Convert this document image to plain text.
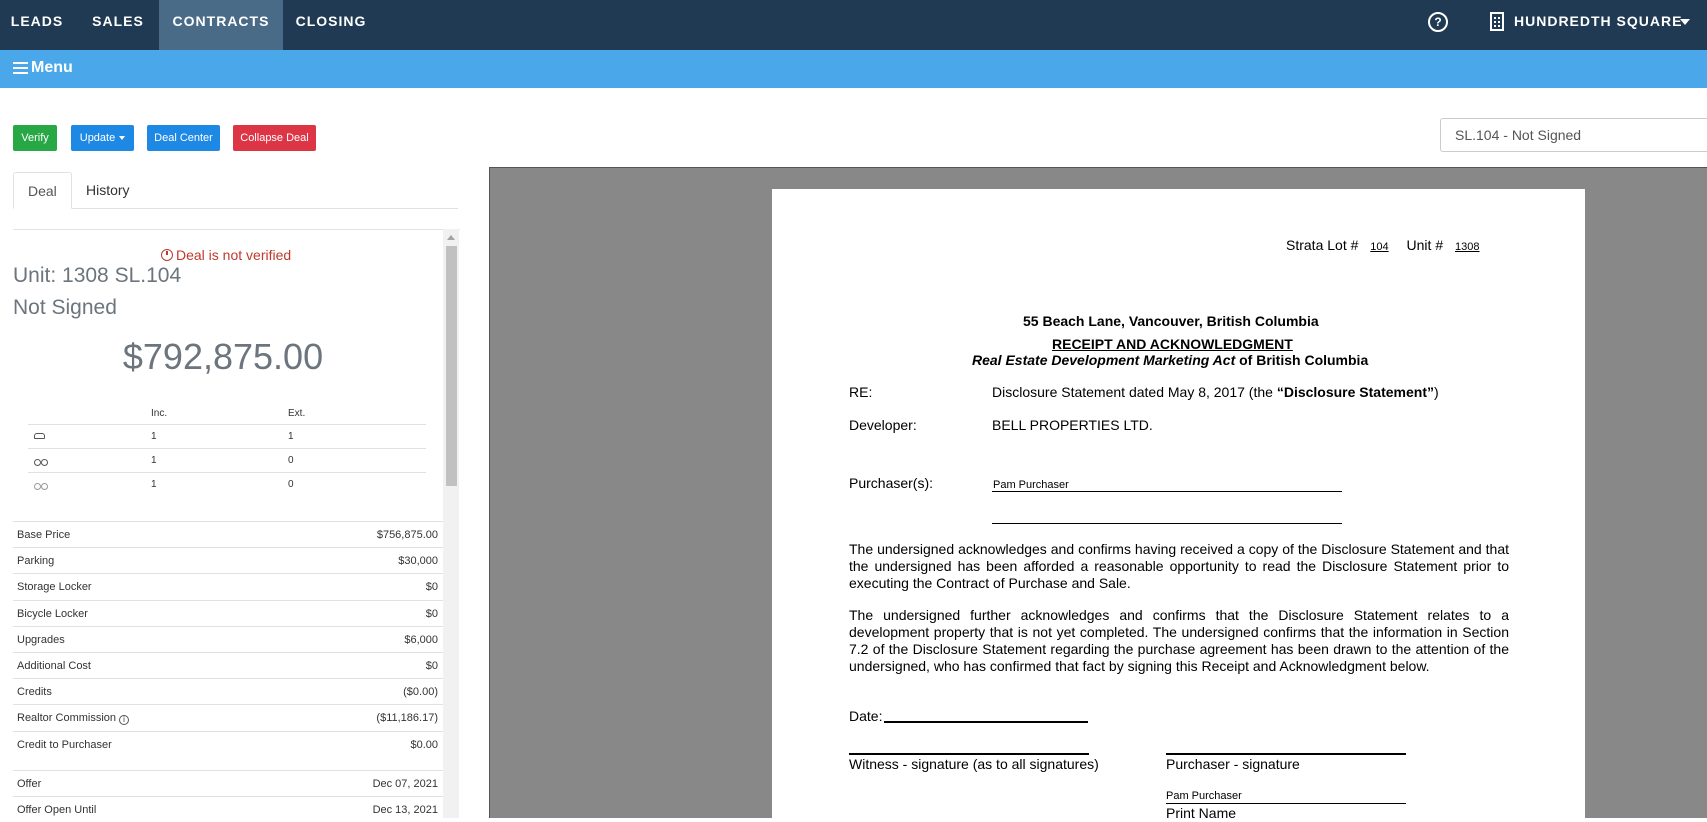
LEADS	SALES	CONTRACTS	CLOSING	?	HUNDREDTH SQUARE
Menu
Verify	Update	Deal Center	Collapse Deal	SL.104 - Not Signed
Deal	History
Deal is not verified
Unit: 1308 SL.104
Not Signed
$792,875.00
Inc.	Ext.
1	1
1	0
1	0
Base Price	$756,875.00
Parking	$30,000
Storage Locker	$0
Bicycle Locker	$0
Upgrades	$6,000
Additional Cost	$0
Credits	($0.00)
Realtor Commission i	($11,186.17)
Credit to Purchaser	$0.00
Offer	Dec 07, 2021
Offer Open Until	Dec 13, 2021
Strata Lot # 104 Unit # 1308
55 Beach Lane, Vancouver, British Columbia
RECEIPT AND ACKNOWLEDGMENT
Real Estate Development Marketing Act of British Columbia
RE:	Disclosure Statement dated May 8, 2017 (the “Disclosure Statement”)
Developer:	BELL PROPERTIES LTD.
Purchaser(s):	Pam Purchaser
The undersigned acknowledges and confirms having received a copy of the Disclosure Statement and that the undersigned has been afforded a reasonable opportunity to read the Disclosure Statement prior to executing the Contract of Purchase and Sale.
The undersigned further acknowledges and confirms that the Disclosure Statement relates to a development property that is not yet completed. The undersigned confirms that the information in Section 7.2 of the Disclosure Statement regarding the purchase agreement has been drawn to the attention of the undersigned, who has confirmed that fact by signing this Receipt and Acknowledgment below.
Date:
Witness - signature (as to all signatures)	Purchaser - signature
Pam Purchaser
Print Name
